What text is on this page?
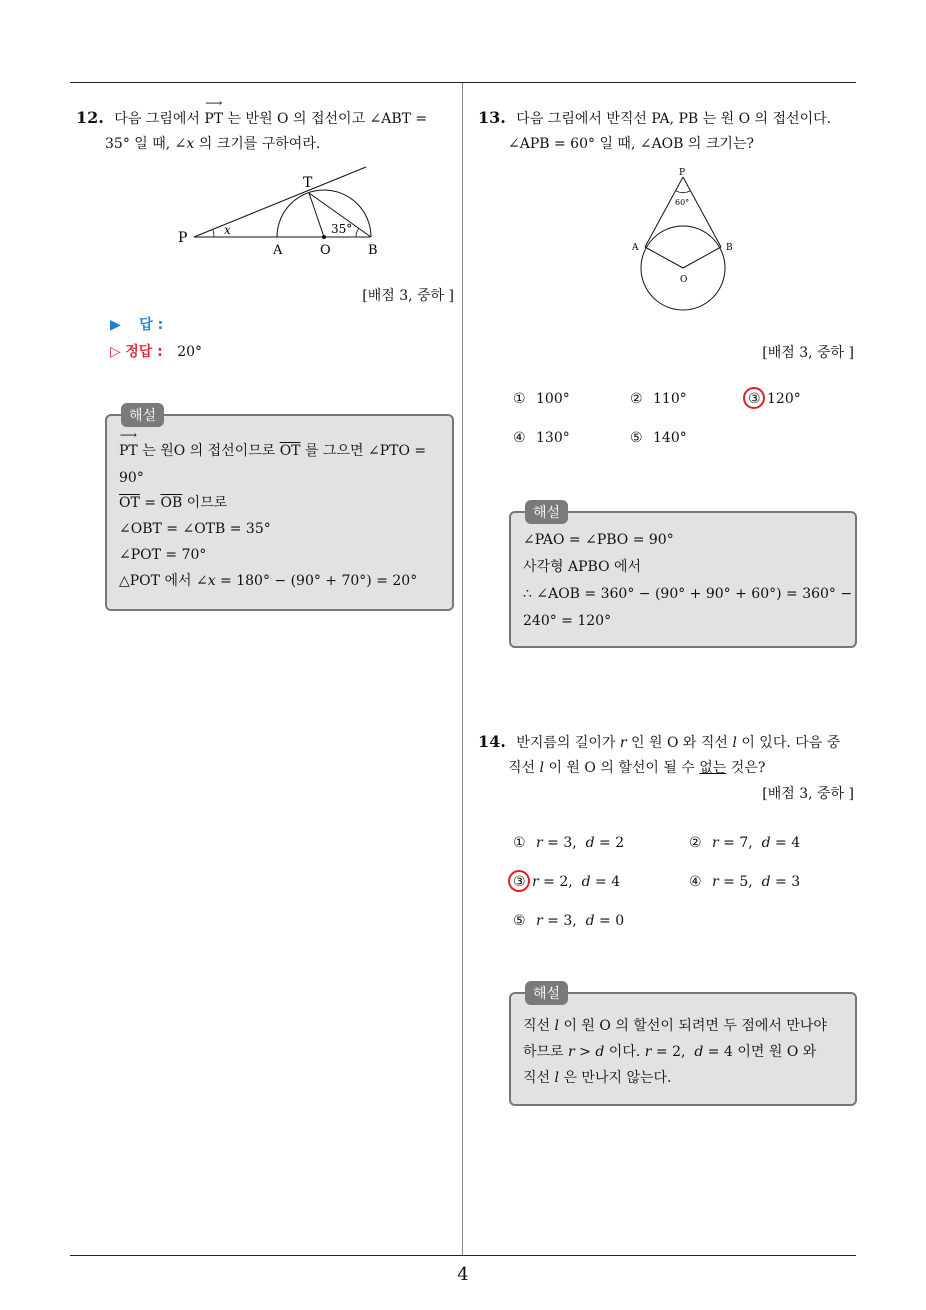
4
12. 다음 그림에서
⟶
PT 는 반원 O 의 접선이고 ∠ABT =
35° 일 때, ∠x 의 크기를 구하여라.
T
P
A	O	B
x	35°
[배점 3, 중하 ]
▶ 답 :
▷ 정답 : 20°
해설
⟶
PT 는 원O 의 접선이므로 $\overline{OT}$ 를 그으면 ∠PTO =
90°
$\overline{OT} = \overline{OB}$ 이므로
∠OBT = ∠OTB = 35°
∠POT = 70°
△POT 에서 ∠x = 180° − (90° + 70°) = 20°
13. 다음 그림에서 반직선 PA, PB 는 원 O 의 접선이다.
∠APB = 60° 일 때, ∠AOB 의 크기는?
P
60°
A	B
O
[배점 3, 중하 ]
① 100°	② 110°	③ 120°
④ 130°	⑤ 140°
해설
∠PAO = ∠PBO = 90°
사각형 APBO 에서
∴ ∠AOB = 360° − (90° + 90° + 60°) = 360° −
240° = 120°
14. 반지름의 길이가 r 인 원 O 와 직선 l 이 있다. 다음 중
직선 l 이 원 O 의 할선이 될 수 없는 것은?
[배점 3, 중하 ]
① r = 3,  d = 2	② r = 7,  d = 4
③ r = 2,  d = 4	④ r = 5,  d = 3
⑤ r = 3,  d = 0
해설
직선 l 이 원 O 의 할선이 되려면 두 점에서 만나야
하므로 r > d 이다. r = 2,  d = 4 이면 원 O 와
직선 l 은 만나지 않는다.
